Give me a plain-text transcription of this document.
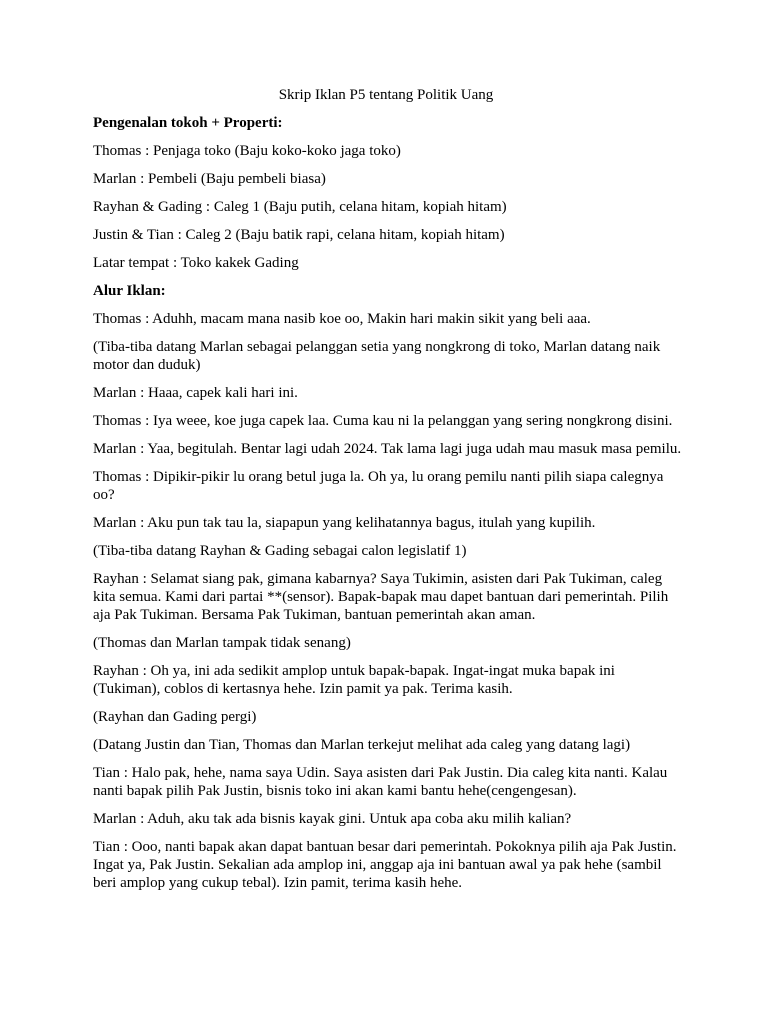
Skrip Iklan P5 tentang Politik Uang

Pengenalan tokoh + Properti:

Thomas : Penjaga toko (Baju koko-koko jaga toko)

Marlan : Pembeli (Baju pembeli biasa)

Rayhan & Gading : Caleg 1 (Baju putih, celana hitam, kopiah hitam)

Justin & Tian : Caleg 2 (Baju batik rapi, celana hitam, kopiah hitam)

Latar tempat : Toko kakek Gading

Alur Iklan:

Thomas : Aduhh, macam mana nasib koe oo, Makin hari makin sikit yang beli aaa.

(Tiba-tiba datang Marlan sebagai pelanggan setia yang nongkrong di toko, Marlan datang naik motor dan duduk)

Marlan : Haaa, capek kali hari ini.

Thomas : Iya weee, koe juga capek laa. Cuma kau ni la pelanggan yang sering nongkrong disini.

Marlan : Yaa, begitulah. Bentar lagi udah 2024. Tak lama lagi juga udah mau masuk masa pemilu.

Thomas : Dipikir-pikir lu orang betul juga la. Oh ya, lu orang pemilu nanti pilih siapa calegnya oo?

Marlan : Aku pun tak tau la, siapapun yang kelihatannya bagus, itulah yang kupilih.

(Tiba-tiba datang Rayhan & Gading sebagai calon legislatif 1)

Rayhan : Selamat siang pak, gimana kabarnya? Saya Tukimin, asisten dari Pak Tukiman, caleg kita semua. Kami dari partai **(sensor). Bapak-bapak mau dapet bantuan dari pemerintah. Pilih aja Pak Tukiman. Bersama Pak Tukiman, bantuan pemerintah akan aman.

(Thomas dan Marlan tampak tidak senang)

Rayhan : Oh ya, ini ada sedikit amplop untuk bapak-bapak. Ingat-ingat muka bapak ini (Tukiman), coblos di kertasnya hehe. Izin pamit ya pak. Terima kasih.

(Rayhan dan Gading pergi)

(Datang Justin dan Tian, Thomas dan Marlan terkejut melihat ada caleg yang datang lagi)

Tian : Halo pak, hehe, nama saya Udin. Saya asisten dari Pak Justin. Dia caleg kita nanti. Kalau nanti bapak pilih Pak Justin, bisnis toko ini akan kami bantu hehe(cengengesan).

Marlan : Aduh, aku tak ada bisnis kayak gini. Untuk apa coba aku milih kalian?

Tian : Ooo, nanti bapak akan dapat bantuan besar dari pemerintah. Pokoknya pilih aja Pak Justin. Ingat ya, Pak Justin. Sekalian ada amplop ini, anggap aja ini bantuan awal ya pak hehe (sambil beri amplop yang cukup tebal). Izin pamit, terima kasih hehe.
